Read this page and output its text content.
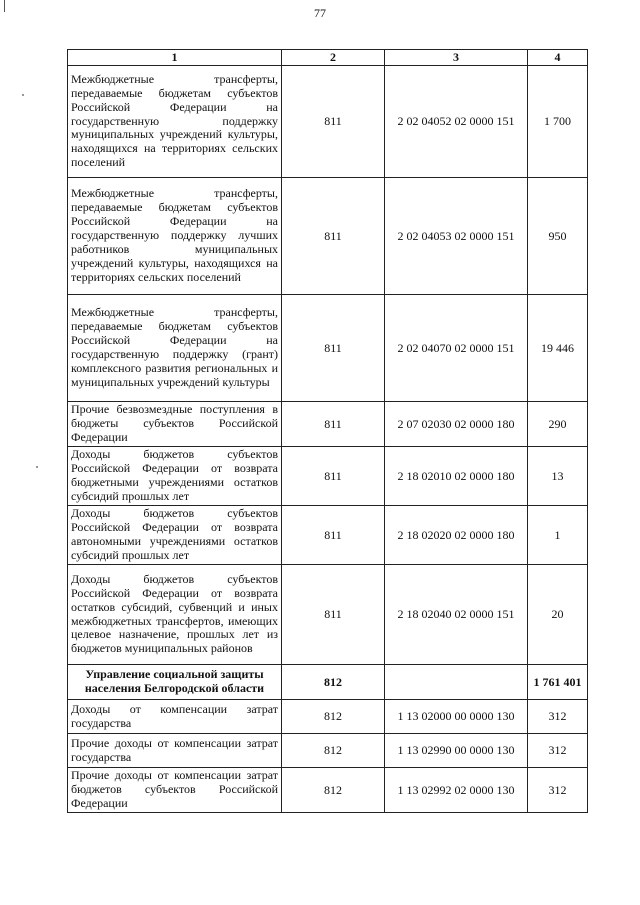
77
1	2	3	4
Межбюджетные трансферты, передаваемые бюджетам субъектов Российской Федерации на государственную поддержку муниципальных учреждений культуры, находящихся на территориях сельских поселений	811	2 02 04052 02 0000 151	1 700
Межбюджетные трансферты, передаваемые бюджетам субъектов Российской Федерации на государственную поддержку лучших работников муниципальных учреждений культуры, находящихся на территориях сельских поселений	811	2 02 04053 02 0000 151	950
Межбюджетные трансферты, передаваемые бюджетам субъектов Российской Федерации на государственную поддержку (грант) комплексного развития региональных и муниципальных учреждений культуры	811	2 02 04070 02 0000 151	19 446
Прочие безвозмездные поступления в бюджеты субъектов Российской Федерации	811	2 07 02030 02 0000 180	290
Доходы бюджетов субъектов Российской Федерации от возврата бюджетными учреждениями остатков субсидий прошлых лет	811	2 18 02010 02 0000 180	13
Доходы бюджетов субъектов Российской Федерации от возврата автономными учреждениями остатков субсидий прошлых лет	811	2 18 02020 02 0000 180	1
Доходы бюджетов субъектов Российской Федерации от возврата остатков субсидий, субвенций и иных межбюджетных трансфертов, имеющих целевое назначение, прошлых лет из бюджетов муниципальных районов	811	2 18 02040 02 0000 151	20
Управление социальной защиты населения Белгородской области	812		1 761 401
Доходы от компенсации затрат государства	812	1 13 02000 00 0000 130	312
Прочие доходы от компенсации затрат государства	812	1 13 02990 00 0000 130	312
Прочие доходы от компенсации затрат бюджетов субъектов Российской Федерации	812	1 13 02992 02 0000 130	312
